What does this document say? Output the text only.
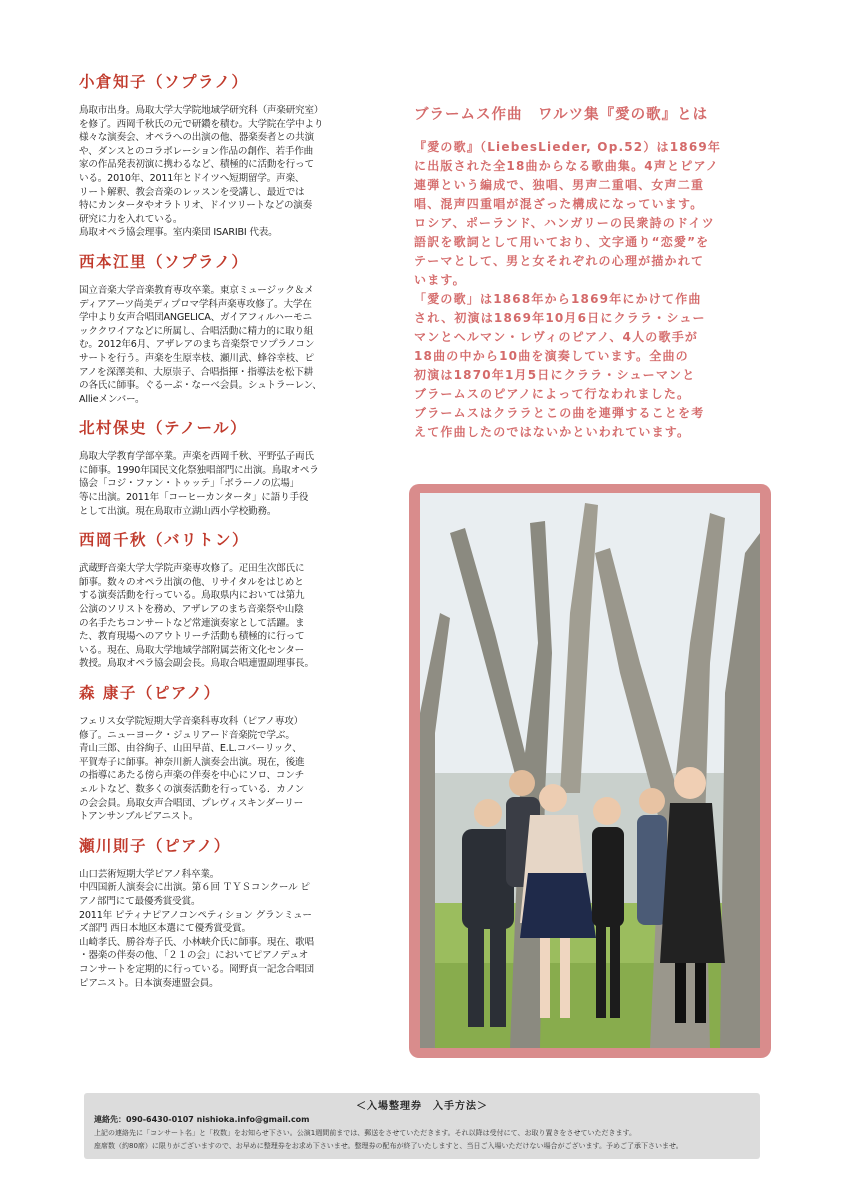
小倉知子（ソプラノ）

鳥取市出身。鳥取大学大学院地域学研究科（声楽研究室）
を修了。西岡千秋氏の元で研鑽を積む。大学院在学中より
様々な演奏会、オペラへの出演の他、器楽奏者との共演
や、ダンスとのコラボレーション作品の創作、若手作曲
家の作品発表初演に携わるなど、積極的に活動を行って
いる。2010年、2011年とドイツへ短期留学。声楽、
リート解釈、教会音楽のレッスンを受講し、最近では
特にカンタータやオラトリオ、ドイツリートなどの演奏
研究に力を入れている。
鳥取オペラ協会理事。室内楽団 ISARIBI 代表。

西本江里（ソプラノ）

国立音楽大学音楽教育専攻卒業。東京ミュージック＆メ
ディアアーツ尚美ディプロマ学科声楽専攻修了。大学在
学中より女声合唱団ANGELICA、ガイアフィルハーモニ
ッククワイアなどに所属し、合唱活動に精力的に取り組
む。2012年6月、アザレアのまち音楽祭でソプラノコン
サートを行う。声楽を生原幸枝、瀬川武、蜂谷幸枝、ピ
アノを深澤美和、大原崇子、合唱指揮・指導法を松下耕
の各氏に師事。ぐるーぷ・なーべ会員。シュトラーレン、
Allieメンバー。

北村保史（テノール）

鳥取大学教育学部卒業。声楽を西岡千秋、平野弘子両氏
に師事。1990年国民文化祭独唱部門に出演。鳥取オペラ
協会「コジ・ファン・トゥッテ」「ボラーノの広場」
等に出演。2011年「コーヒーカンタータ」に語り手役
として出演。現在鳥取市立湖山西小学校勤務。

西岡千秋（バリトン）

武蔵野音楽大学大学院声楽専攻修了。疋田生次郎氏に
師事。数々のオペラ出演の他、リサイタルをはじめと
する演奏活動を行っている。鳥取県内においては第九
公演のソリストを務め、アザレアのまち音楽祭や山陰
の名手たちコンサートなど常連演奏家として活躍。ま
た、教育現場へのアウトリーチ活動も積極的に行って
いる。現在、鳥取大学地域学部附属芸術文化センター
教授。鳥取オペラ協会副会長。鳥取合唱連盟副理事長。

森 康子（ピアノ）

フェリス女学院短期大学音楽科専攻科（ピアノ専攻）
修了。ニューヨーク・ジュリアード音楽院で学ぶ。
青山三郎、由谷絢子、山田早苗、E.L.コバーリック、
平賀寿子に師事。神奈川新人演奏会出演。現在，後進
の指導にあたる傍ら声楽の伴奏を中心にソロ、コンチ
ェルトなど、数多くの演奏活動を行っている．カノン
の会会員。鳥取女声合唱団、プレヴィスキンダーリー
トアンサンブルピアニスト。

瀬川則子（ピアノ）

山口芸術短期大学ピアノ科卒業。
中四国新人演奏会に出演。第６回 ＴＹＳコンクール ピ
アノ部門にて最優秀賞受賞。
2011年 ピティナピアノコンペティション グランミュー
ズ部門 西日本地区本選にて優秀賞受賞。
山崎孝氏、勝谷寿子氏、小林峡介氏に師事。現在、歌唱
・器楽の伴奏の他、「２１の会」においてピアノデュオ
コンサートを定期的に行っている。岡野貞一記念合唱団
ピアニスト。日本演奏連盟会員。

ブラームス作曲　ワルツ集『愛の歌』とは

『愛の歌』（LiebesLieder, Op.52）は1869年
に出版された全18曲からなる歌曲集。4声とピアノ
連弾という編成で、独唱、男声二重唱、女声二重
唱、混声四重唱が混ざった構成になっています。
ロシア、ポーランド、ハンガリーの民衆詩のドイツ
語訳を歌詞として用いており、文字通り“恋愛”を
テーマとして、男と女それぞれの心理が描かれて
います。
「愛の歌」は1868年から1869年にかけて作曲
され、初演は1869年10月6日にクララ・シュー
マンとヘルマン・レヴィのピアノ、4人の歌手が
18曲の中から10曲を演奏しています。全曲の
初演は1870年1月5日にクララ・シューマンと
ブラームスのピアノによって行なわれました。
ブラームスはクララとこの曲を連弾することを考
えて作曲したのではないかといわれています。

＜入場整理券　入手方法＞
連絡先：090-6430-0107 nishioka.info@gmail.com
上記の連絡先に「コンサート名」と「枚数」をお知らせ下さい。公演1週間前までは、郵送をさせていただきます。それ以降は受付にて、お取り置きをさせていただきます。
座席数（約80席）に限りがございますので、お早めに整理券をお求め下さいませ。整理券の配布が終了いたしますと、当日ご入場いただけない場合がございます。予めご了承下さいませ。
